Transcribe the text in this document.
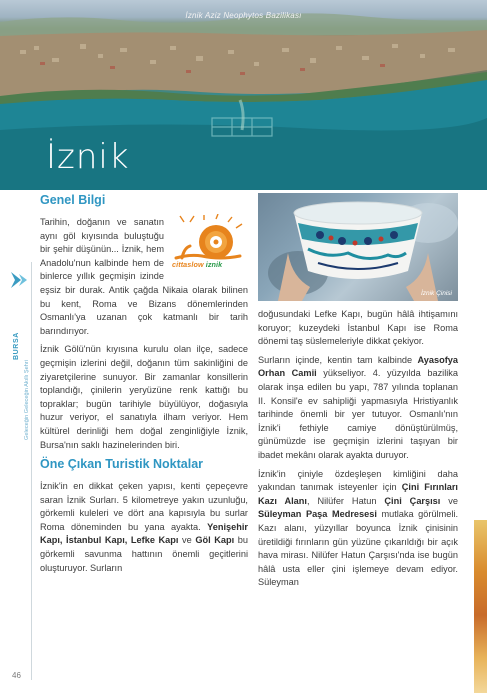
İznik Aziz Neophytos Bazilikası
İznik
BURSA
Geleceğin Geleceğin Akıllı Şehri
46
Genel Bilgi
cittaslow iznik

Tarihin, doğanın ve sanatın aynı göl kıyısında buluştuğu bir şehir düşünün... İznik, hem Anadolu'nun kalbinde hem de binlerce yıllık geçmişin izinde eşsiz bir durak. Antik çağda Nikaia olarak bilinen bu kent, Roma ve Bizans dönemlerinden Osmanlı'ya uzanan çok katmanlı bir tarih barındırıyor.

İznik Gölü'nün kıyısına kurulu olan ilçe, sadece geçmişin izlerini değil, doğanın tüm sakinliğini de ziyaretçilerine sunuyor. Bir zamanlar konsillerin toplandığı, çinilerin yeryüzüne renk kattığı bu topraklar; bugün tarihiyle büyülüyor, doğasıyla huzur veriyor, el sanatıyla ilham veriyor. Hem kültürel derinliği hem doğal zenginliğiyle İznik, Bursa'nın saklı hazinelerinden biri.

Öne Çıkan Turistik Noktalar

İznik'in en dikkat çeken yapısı, kenti çepeçevre saran İznik Surları. 5 kilometreye yakın uzunluğu, görkemli kuleleri ve dört ana kapısıyla bu surlar Roma döneminden bu yana ayakta. Yenişehir Kapı, İstanbul Kapı, Lefke Kapı ve Göl Kapı bu görkemli savunma hattının önemli geçitlerini oluşturuyor. Surların

İznik Çinisi

doğusundaki Lefke Kapı, bugün hâlâ ihtişamını koruyor; kuzeydeki İstanbul Kapı ise Roma dönemi taş süslemeleriyle dikkat çekiyor.

Surların içinde, kentin tam kalbinde Ayasofya Orhan Camii yükseliyor. 4. yüzyılda bazilika olarak inşa edilen bu yapı, 787 yılında toplanan II. Konsil'e ev sahipliği yapmasıyla Hristiyanlık tarihinde önemli bir yer tutuyor. Osmanlı'nın İznik'i fethiyle camiye dönüştürülmüş, günümüzde ise geçmişin izlerini taşıyan bir ibadet mekânı olarak ayakta duruyor.

İznik'in çiniyle özdeşleşen kimliğini daha yakından tanımak isteyenler için Çini Fırınları Kazı Alanı, Nilüfer Hatun Çini Çarşısı ve Süleyman Paşa Medresesi mutlaka görülmeli. Kazı alanı, yüzyıllar boyunca İznik çinisinin üretildiği fırınların gün yüzüne çıkarıldığı bir açık hava mirası. Nilüfer Hatun Çarşısı'nda ise bugün hâlâ usta eller çini işlemeye devam ediyor. Süleyman
